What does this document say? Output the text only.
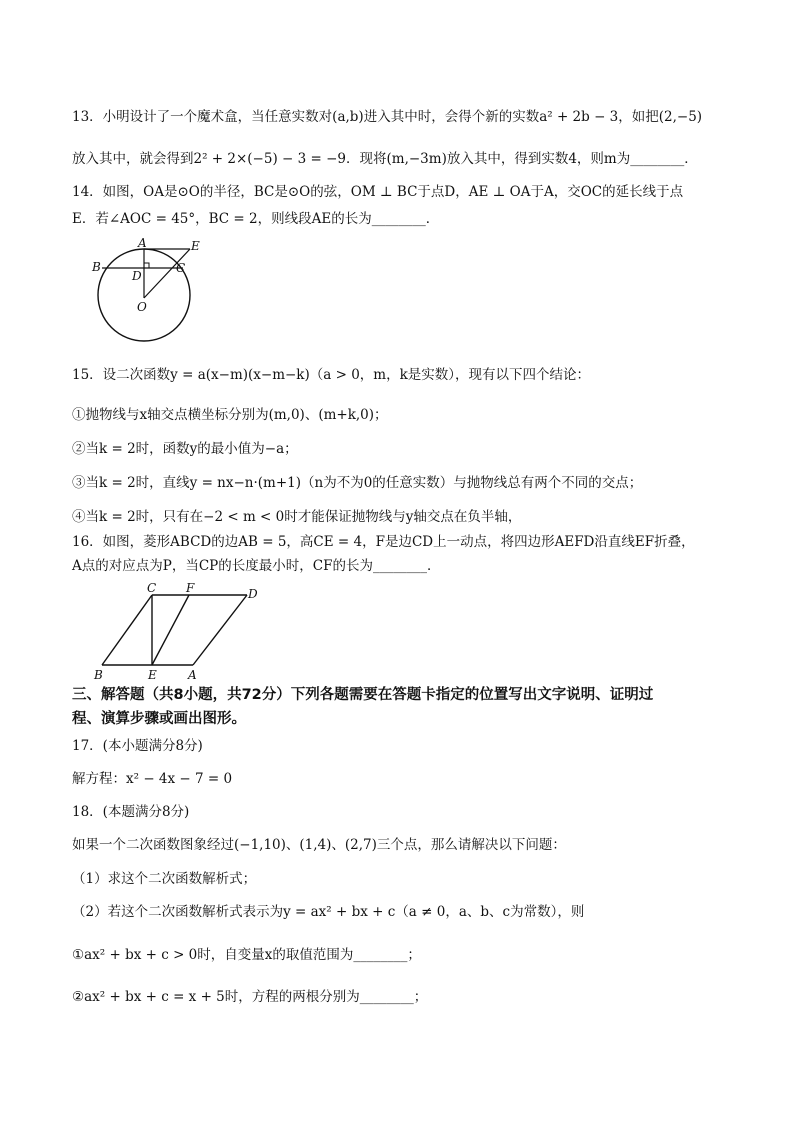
13．小明设计了一个魔术盒，当任意实数对(a,b)进入其中时，会得个新的实数a² + 2b − 3，如把(2,−5)
放入其中，就会得到2² + 2×(−5) − 3 = −9．现将(m,−3m)放入其中，得到实数4，则m为________．
14．如图，OA是⊙O的半径，BC是⊙O的弦，OM ⊥ BC于点D，AE ⊥ OA于A，交OC的延长线于点
E．若∠AOC = 45°，BC = 2，则线段AE的长为________．
A	E
B
D
C
O
15．设二次函数y = a(x−m)(x−m−k)（a > 0，m，k是实数），现有以下四个结论：
①抛物线与x轴交点横坐标分别为(m,0)、(m+k,0)；
②当k = 2时，函数y的最小值为−a；
③当k = 2时，直线y = nx−n·(m+1)（n为不为0的任意实数）与抛物线总有两个不同的交点；
④当k = 2时，只有在−2 < m < 0时才能保证抛物线与y轴交点在负半轴，
16．如图，菱形ABCD的边AB = 5，高CE = 4，F是边CD上一动点，将四边形AEFD沿直线EF折叠，
A点的对应点为P，当CP的长度最小时，CF的长为________．
C F	D
B	E	A
三、解答题（共8小题，共72分）下列各题需要在答题卡指定的位置写出文字说明、证明过
程、演算步骤或画出图形。
17．(本小题满分8分)
解方程：x² − 4x − 7 = 0
18．(本题满分8分)
如果一个二次函数图象经过(−1,10)、(1,4)、(2,7)三个点，那么请解决以下问题：
（1）求这个二次函数解析式；
（2）若这个二次函数解析式表示为y = ax² + bx + c（a ≠ 0，a、b、c为常数），则
①ax² + bx + c > 0时，自变量x的取值范围为________；
②ax² + bx + c = x + 5时，方程的两根分别为________；
